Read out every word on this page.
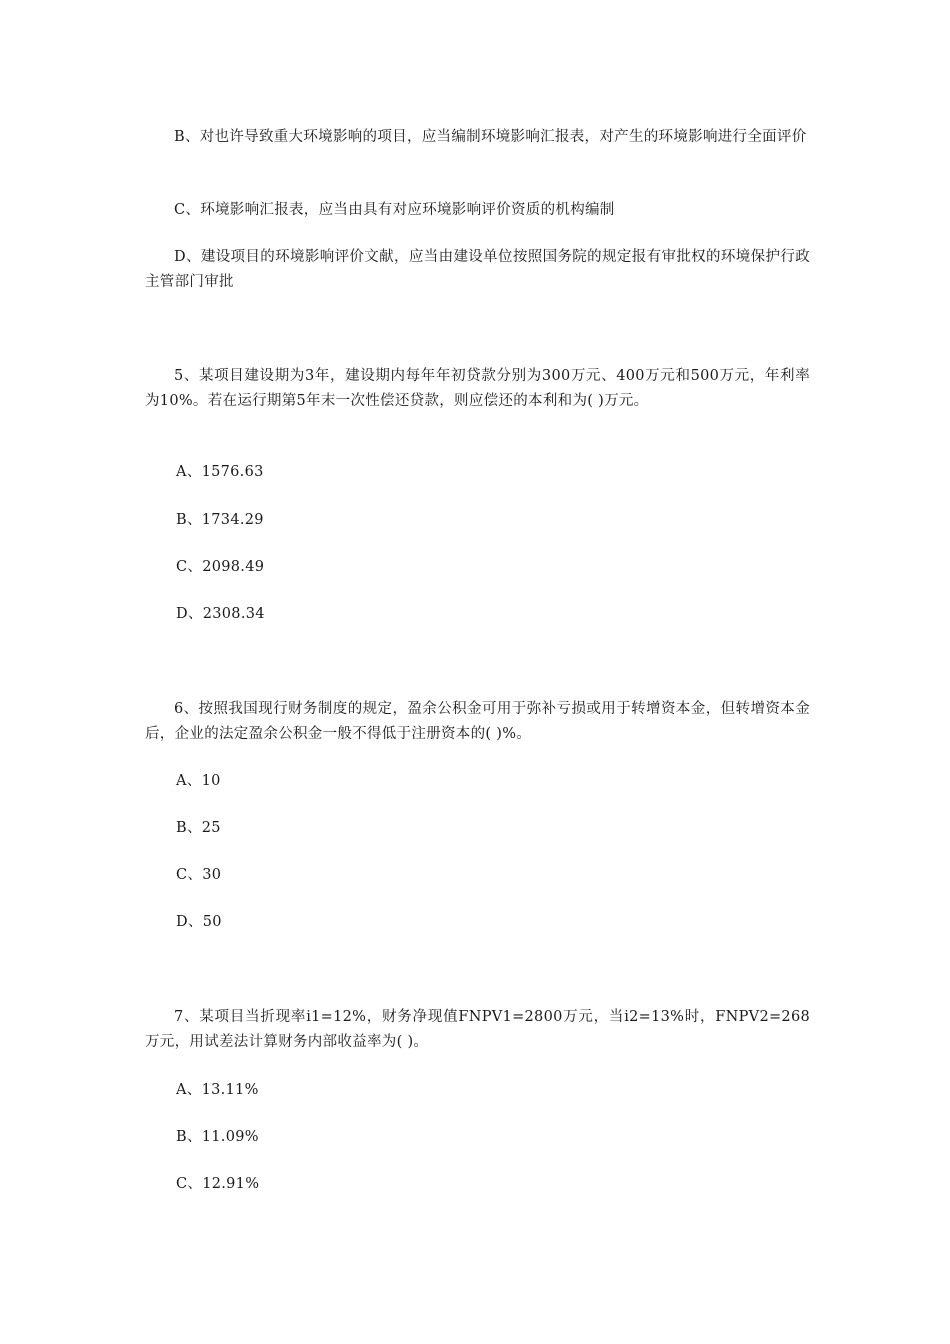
B、对也许导致重大环境影响的项目，应当编制环境影响汇报表，对产生的环境影响进行全面评价

C、环境影响汇报表，应当由具有对应环境影响评价资质的机构编制

D、建设项目的环境影响评价文献，应当由建设单位按照国务院的规定报有审批权的环境保护行政主管部门审批

5、某项目建设期为3年，建设期内每年年初贷款分别为300万元、400万元和500万元，年利率为10%。若在运行期第5年末一次性偿还贷款，则应偿还的本利和为( )万元。

A、1576.63
B、1734.29
C、2098.49
D、2308.34

6、按照我国现行财务制度的规定，盈余公积金可用于弥补亏损或用于转增资本金，但转增资本金后，企业的法定盈余公积金一般不得低于注册资本的( )%。

A、10
B、25
C、30
D、50

7、某项目当折现率i1=12%，财务净现值FNPV1=2800万元，当i2=13%时，FNPV2=268万元，用试差法计算财务内部收益率为( )。

A、13.11%
B、11.09%
C、12.91%
